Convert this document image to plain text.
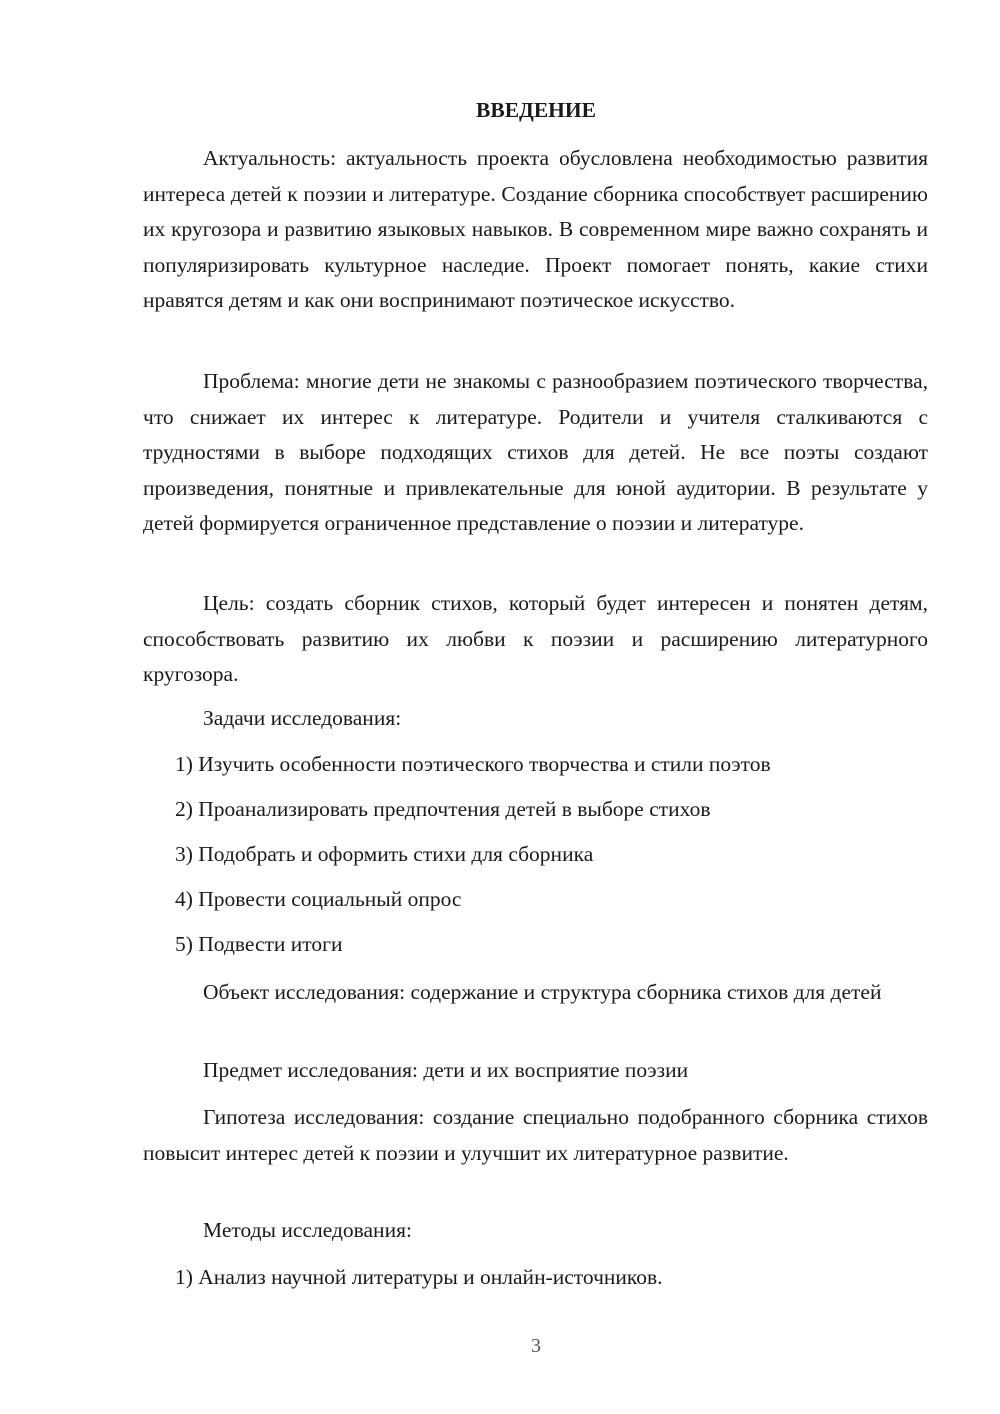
ВВЕДЕНИЕ

Актуальность: актуальность проекта обусловлена необходимостью развития интереса детей к поэзии и литературе. Создание сборника способствует расширению их кругозора и развитию языковых навыков. В современном мире важно сохранять и популяризировать культурное наследие. Проект помогает понять, какие стихи нравятся детям и как они воспринимают поэтическое искусство.

Проблема: многие дети не знакомы с разнообразием поэтического творчества, что снижает их интерес к литературе. Родители и учителя сталкиваются с трудностями в выборе подходящих стихов для детей. Не все поэты создают произведения, понятные и привлекательные для юной аудитории. В результате у детей формируется ограниченное представление о поэзии и литературе.

Цель: создать сборник стихов, который будет интересен и понятен детям, способствовать развитию их любви к поэзии и расширению литературного кругозора.

Задачи исследования:
1) Изучить особенности поэтического творчества и стили поэтов
2) Проанализировать предпочтения детей в выборе стихов
3) Подобрать и оформить стихи для сборника
4) Провести социальный опрос
5) Подвести итоги

Объект исследования: содержание и структура сборника стихов для детей

Предмет исследования: дети и их восприятие поэзии

Гипотеза исследования: создание специально подобранного сборника стихов повысит интерес детей к поэзии и улучшит их литературное развитие.

Методы исследования:
1) Анализ научной литературы и онлайн-источников.
3
